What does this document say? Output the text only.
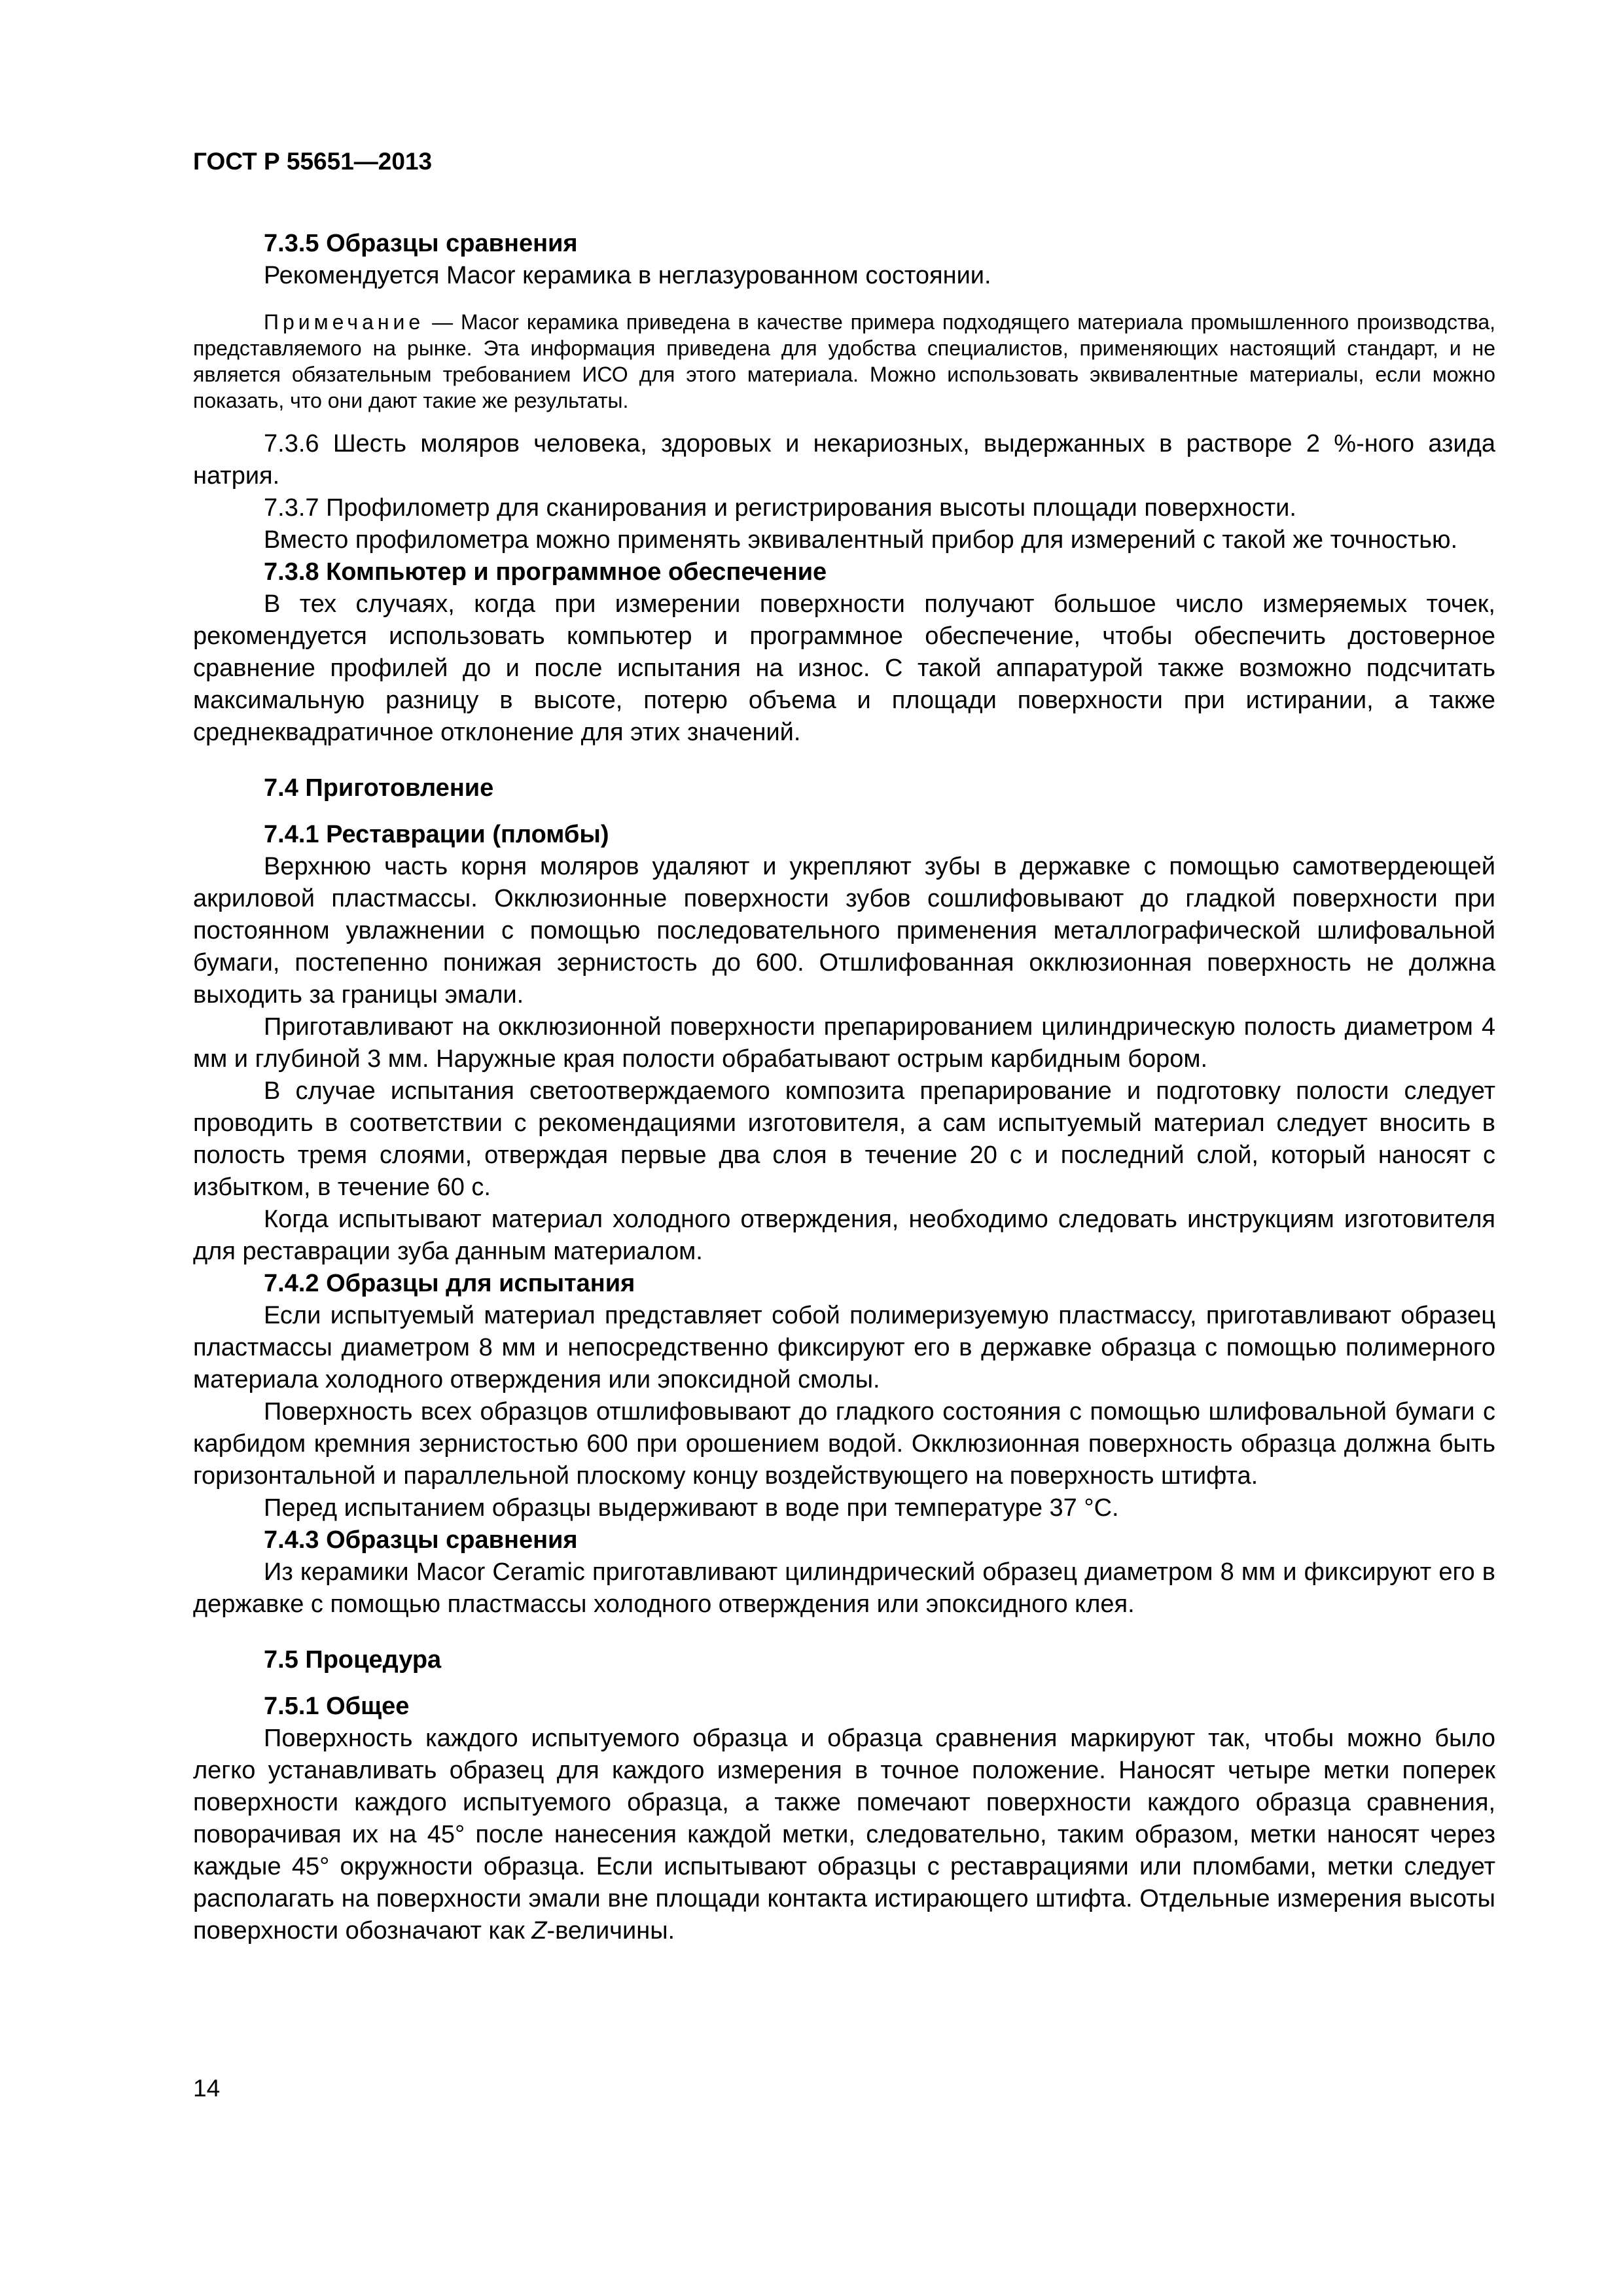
ГОСТ Р 55651—2013

7.3.5 Образцы сравнения

Рекомендуется Macor керамика в неглазурованном состоянии.

Примечание — Macor керамика приведена в качестве примера подходящего материала промышленного производства, представляемого на рынке. Эта информация приведена для удобства специалистов, применяющих настоящий стандарт, и не является обязательным требованием ИСО для этого материала. Можно использовать эквивалентные материалы, если можно показать, что они дают такие же результаты.

7.3.6 Шесть моляров человека, здоровых и некариозных, выдержанных в растворе 2 %-ного азида натрия.

7.3.7 Профилометр для сканирования и регистрирования высоты площади поверхности.

Вместо профилометра можно применять эквивалентный прибор для измерений с такой же точностью.

7.3.8 Компьютер и программное обеспечение

В тех случаях, когда при измерении поверхности получают большое число измеряемых точек, рекомендуется использовать компьютер и программное обеспечение, чтобы обеспечить достоверное сравнение профилей до и после испытания на износ. С такой аппаратурой также возможно подсчитать максимальную разницу в высоте, потерю объема и площади поверхности при истирании, а также среднеквадратичное отклонение для этих значений.

7.4 Приготовление

7.4.1 Реставрации (пломбы)

Верхнюю часть корня моляров удаляют и укрепляют зубы в державке с помощью самотвердеющей акриловой пластмассы. Окклюзионные поверхности зубов сошлифовывают до гладкой поверхности при постоянном увлажнении с помощью последовательного применения металлографической шлифовальной бумаги, постепенно понижая зернистость до 600. Отшлифованная окклюзионная поверхность не должна выходить за границы эмали.

Приготавливают на окклюзионной поверхности препарированием цилиндрическую полость диаметром 4 мм и глубиной 3 мм. Наружные края полости обрабатывают острым карбидным бором.

В случае испытания светоотверждаемого композита препарирование и подготовку полости следует проводить в соответствии с рекомендациями изготовителя, а сам испытуемый материал следует вносить в полость тремя слоями, отверждая первые два слоя в течение 20 с и последний слой, который наносят с избытком, в течение 60 с.

Когда испытывают материал холодного отверждения, необходимо следовать инструкциям изготовителя для реставрации зуба данным материалом.

7.4.2 Образцы для испытания

Если испытуемый материал представляет собой полимеризуемую пластмассу, приготавливают образец пластмассы диаметром 8 мм и непосредственно фиксируют его в державке образца с помощью полимерного материала холодного отверждения или эпоксидной смолы.

Поверхность всех образцов отшлифовывают до гладкого состояния с помощью шлифовальной бумаги с карбидом кремния зернистостью 600 при орошением водой. Окклюзионная поверхность образца должна быть горизонтальной и параллельной плоскому концу воздействующего на поверхность штифта.

Перед испытанием образцы выдерживают в воде при температуре 37 °С.

7.4.3 Образцы сравнения

Из керамики Macor Ceramic приготавливают цилиндрический образец диаметром 8 мм и фиксируют его в державке с помощью пластмассы холодного отверждения или эпоксидного клея.

7.5 Процедура

7.5.1 Общее

Поверхность каждого испытуемого образца и образца сравнения маркируют так, чтобы можно было легко устанавливать образец для каждого измерения в точное положение. Наносят четыре метки поперек поверхности каждого испытуемого образца, а также помечают поверхности каждого образца сравнения, поворачивая их на 45° после нанесения каждой метки, следовательно, таким образом, метки наносят через каждые 45° окружности образца. Если испытывают образцы с реставрациями или пломбами, метки следует располагать на поверхности эмали вне площади контакта истирающего штифта. Отдельные измерения высоты поверхности обозначают как Z-величины.

14
